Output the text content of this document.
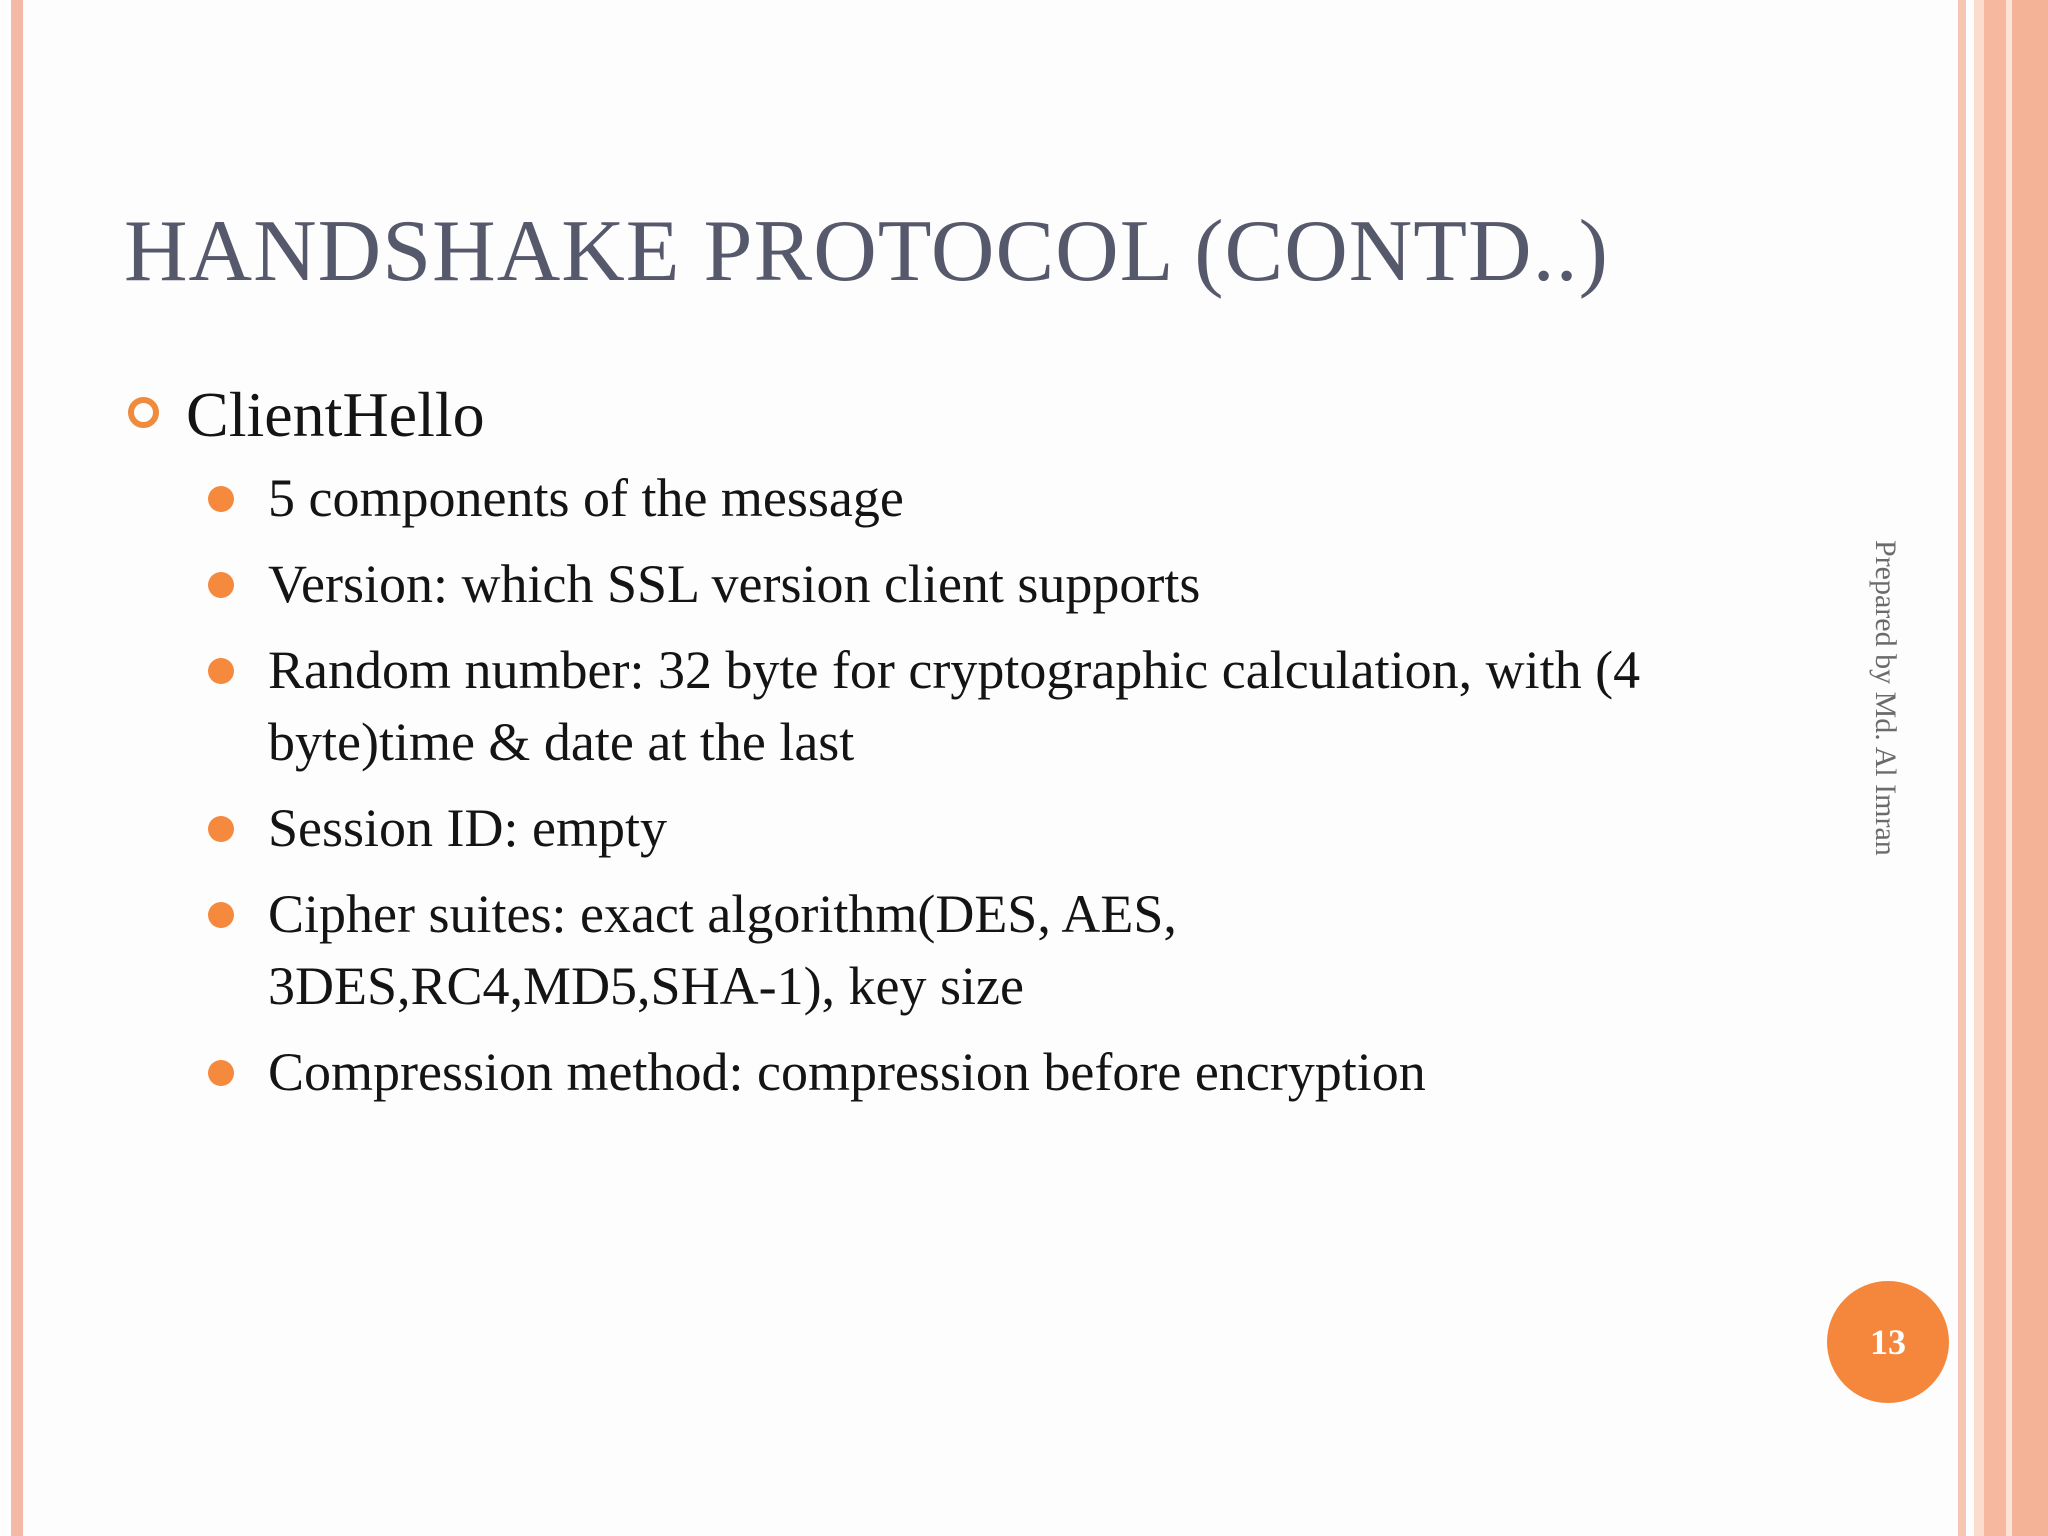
HANDSHAKE PROTOCOL (CONTD..)
ClientHello
5 components of the message
Version: which SSL version client supports
Random number: 32 byte for cryptographic calculation, with (4 byte)time & date at the last
Session ID: empty
Cipher suites: exact algorithm(DES, AES, 3DES,RC4,MD5,SHA-1), key size
Compression method: compression before encryption
Prepared by Md. Al Imran
13
